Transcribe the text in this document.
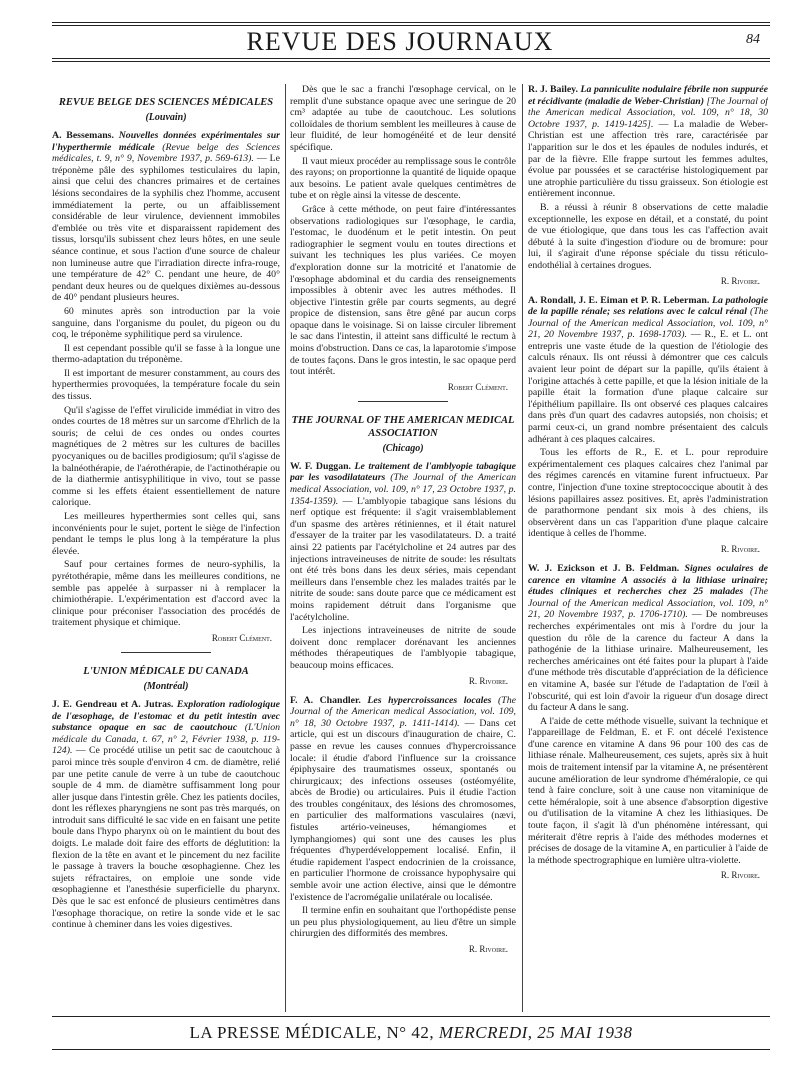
REVUE DES JOURNAUX	84
REVUE BELGE DES SCIENCES MÉDICALES
(Louvain)

A. Bessemans. Nouvelles données expérimentales sur l'hyperthermie médicale (Revue belge des Sciences médicales, t. 9, n° 9, Novembre 1937, p. 569-613). — Le tréponème pâle des syphilomes testiculaires du lapin, ainsi que celui des chancres primaires et de certaines lésions secondaires de la syphilis chez l'homme, accusent immédiatement la perte, ou un affaiblissement considérable de leur virulence, deviennent immobiles d'emblée ou très vite et disparaissent rapidement des tissus, lorsqu'ils subissent chez leurs hôtes, en une seule séance continue, et sous l'action d'une source de chaleur non lumineuse autre que l'irradiation directe infra-rouge, une température de 42° C. pendant une heure, de 40° pendant deux heures ou de quelques dixièmes au-dessous de 40° pendant plusieurs heures.

60 minutes après son introduction par la voie sanguine, dans l'organisme du poulet, du pigeon ou du coq, le tréponème syphilitique perd sa virulence.

Il est cependant possible qu'il se fasse à la longue une thermo-adaptation du tréponème.

Il est important de mesurer constamment, au cours des hyperthermies provoquées, la température focale du sein des tissus.

Qu'il s'agisse de l'effet virulicide immédiat in vitro des ondes courtes de 18 mètres sur un sarcome d'Ehrlich de la souris; de celui de ces ondes ou ondes courtes magnétiques de 2 mètres sur les cultures de bacilles pyocyaniques ou de bacilles prodigiosum; qu'il s'agisse de la balnéothérapie, de l'aérothérapie, de l'actinothérapie ou de la diathermie antisyphilitique in vivo, tout se passe comme si les effets étaient essentiellement de nature calorique.

Les meilleures hyperthermies sont celles qui, sans inconvénients pour le sujet, portent le siège de l'infection pendant le temps le plus long à la température la plus élevée.

Sauf pour certaines formes de neuro-syphilis, la pyrétothérapie, même dans les meilleures conditions, ne semble pas appelée à surpasser ni à remplacer la chimiothérapie. L'expérimentation est d'accord avec la clinique pour préconiser l'association des procédés de traitement physique et chimique.

Robert Clément.
L'UNION MÉDICALE DU CANADA
(Montréal)

J. E. Gendreau et A. Jutras. Exploration radiologique de l'œsophage, de l'estomac et du petit intestin avec substance opaque en sac de caoutchouc (L'Union médicale du Canada, t. 67, n° 2, Février 1938, p. 119-124). — Ce procédé utilise un petit sac de caoutchouc à paroi mince très souple d'environ 4 cm. de diamètre, relié par une petite canule de verre à un tube de caoutchouc souple de 4 mm. de diamètre suffisamment long pour aller jusque dans l'intestin grêle. Chez les patients dociles, dont les réflexes pharyngiens ne sont pas très marqués, on introduit sans difficulté le sac vide en en faisant une petite boule dans l'hypo pharynx où on le maintient du bout des doigts. Le malade doit faire des efforts de déglutition: la flexion de la tête en avant et le pincement du nez facilite le passage à travers la bouche œsophagienne. Chez les sujets réfractaires, on emploie une sonde vide œsophagienne et l'anesthésie superficielle du pharynx. Dès que le sac est enfoncé de plusieurs centimètres dans l'œsophage thoracique, on retire la sonde vide et le sac continue à cheminer dans les voies digestives.

Dès que le sac a franchi l'œsophage cervical, on le remplit d'une substance opaque avec une seringue de 20 cm³ adaptée au tube de caoutchouc. Les solutions colloïdales de thorium semblent les meilleures à cause de leur fluidité, de leur homogénéité et de leur densité spécifique.

Il vaut mieux procéder au remplissage sous le contrôle des rayons; on proportionne la quantité de liquide opaque aux besoins. Le patient avale quelques centimètres de tube et on règle ainsi la vitesse de descente.

Grâce à cette méthode, on peut faire d'intéressantes observations radiologiques sur l'œsophage, le cardia, l'estomac, le duodénum et le petit intestin. On peut radiographier le segment voulu en toutes directions et suivant les techniques les plus variées. Ce moyen d'exploration donne sur la motricité et l'anatomie de l'œsophage abdominal et du cardia des renseignements impossibles à obtenir avec les autres méthodes. Il objective l'intestin grêle par courts segments, au degré propice de distension, sans être gêné par aucun corps opaque dans le voisinage. Si on laisse circuler librement le sac dans l'intestin, il atteint sans difficulté le rectum à moins d'obstruction. Dans ce cas, la laparotomie s'impose de toutes façons. Dans le gros intestin, le sac opaque perd tout intérêt.

Robert Clément.
THE JOURNAL OF THE AMERICAN MEDICAL ASSOCIATION
(Chicago)

W. F. Duggan. Le traitement de l'amblyopie tabagique par les vasodilatateurs (The Journal of the American medical Association, vol. 109, n° 17, 23 Octobre 1937, p. 1354-1359). — L'amblyopie tabagique sans lésions du nerf optique est fréquente: il s'agit vraisemblablement d'un spasme des artères rétiniennes, et il était naturel d'essayer de la traiter par les vasodilatateurs. D. a traité ainsi 22 patients par l'acétylcholine et 24 autres par des injections intraveineuses de nitrite de soude: les résultats ont été très bons dans les deux séries, mais cependant meilleurs dans l'ensemble chez les malades traités par le nitrite de soude: sans doute parce que ce médicament est moins rapidement détruit dans l'organisme que l'acétylcholine.

Les injections intraveineuses de nitrite de soude doivent donc remplacer dorénavant les anciennes méthodes thérapeutiques de l'amblyopie tabagique, beaucoup moins efficaces.

R. Rivoire.

F. A. Chandler. Les hypercroissances locales (The Journal of the American medical Association, vol. 109, n° 18, 30 Octobre 1937, p. 1411-1414). — Dans cet article, qui est un discours d'inauguration de chaire, C. passe en revue les causes connues d'hypercroissance locale: il étudie d'abord l'influence sur la croissance épiphysaire des traumatismes osseux, spontanés ou chirurgicaux; des infections osseuses (ostéomyélite, abcès de Brodie) ou articulaires. Puis il étudie l'action des troubles congénitaux, des lésions des chromosomes, en particulier des malformations vasculaires (nævi, fistules artério-veineuses, hémangiomes et lymphangiomes) qui sont une des causes les plus fréquentes d'hyperdéveloppement localisé. Enfin, il étudie rapidement l'aspect endocrinien de la croissance, en particulier l'hormone de croissance hypophysaire qui semble avoir une action élective, ainsi que le démontre l'existence de l'acromégalie unilatérale ou localisée.

Il termine enfin en souhaitant que l'orthopédiste pense un peu plus physiologiquement, au lieu d'être un simple chirurgien des difformités des membres.

R. Rivoire.

R. J. Bailey. La panniculite nodulaire fébrile non suppurée et récidivante (maladie de Weber-Christian) [The Journal of the American medical Association, vol. 109, n° 18, 30 Octobre 1937, p. 1419-1425]. — La maladie de Weber-Christian est une affection très rare, caractérisée par l'apparition sur le dos et les épaules de nodules indurés, et par de la fièvre. Elle frappe surtout les femmes adultes, évolue par poussées et se caractérise histologiquement par une atrophie particulière du tissu graisseux. Son étiologie est entièrement inconnue.

B. a réussi à réunir 8 observations de cette maladie exceptionnelle, les expose en détail, et a constaté, du point de vue étiologique, que dans tous les cas l'affection avait débuté à la suite d'ingestion d'iodure ou de bromure: pour lui, il s'agirait d'une réponse spéciale du tissu réticulo-endothélial à certaines drogues.

R. Rivoire.

A. Rondall, J. E. Eiman et P. R. Leberman. La pathologie de la papille rénale; ses relations avec le calcul rénal (The Journal of the American medical Association, vol. 109, n° 21, 20 Novembre 1937, p. 1698-1703). — R., E. et L. ont entrepris une vaste étude de la question de l'étiologie des calculs rénaux. Ils ont réussi à démontrer que ces calculs avaient leur point de départ sur la papille, qu'ils étaient à l'origine attachés à cette papille, et que la lésion initiale de la papille était la formation d'une plaque calcaire sur l'épithélium papillaire. Ils ont observé ces plaques calcaires dans près d'un quart des cadavres autopsiés, non choisis; et parmi ceux-ci, un grand nombre présentaient des calculs adhérant à ces plaques calcaires.

Tous les efforts de R., E. et L. pour reproduire expérimentalement ces plaques calcaires chez l'animal par des régimes carencés en vitamine furent infructueux. Par contre, l'injection d'une toxine streptococcique aboutit à des lésions papillaires assez positives. Et, après l'administration de parathormone pendant six mois à des chiens, ils observèrent dans un cas l'apparition d'une plaque calcaire identique à celles de l'homme.

R. Rivoire.

W. J. Ezickson et J. B. Feldman. Signes oculaires de carence en vitamine A associés à la lithiase urinaire; études cliniques et recherches chez 25 malades (The Journal of the American medical Association, vol. 109, n° 21, 20 Novembre 1937, p. 1706-1710). — De nombreuses recherches expérimentales ont mis à l'ordre du jour la question du rôle de la carence du facteur A dans la pathogénie de la lithiase urinaire. Malheureusement, les recherches américaines ont été faites pour la plupart à l'aide d'une méthode très discutable d'appréciation de la déficience en vitamine A, basée sur l'étude de l'adaptation de l'œil à l'obscurité, qui est loin d'avoir la rigueur d'un dosage direct du facteur A dans le sang.

A l'aide de cette méthode visuelle, suivant la technique et l'appareillage de Feldman, E. et F. ont décelé l'existence d'une carence en vitamine A dans 96 pour 100 des cas de lithiase rénale. Malheureusement, ces sujets, après six à huit mois de traitement intensif par la vitamine A, ne présentèrent aucune amélioration de leur syndrome d'héméralopie, ce qui tend à faire conclure, soit à une cause non vitaminique de cette héméralopie, soit à une absence d'absorption digestive ou d'utilisation de la vitamine A chez les lithiasiques. De toute façon, il s'agit là d'un phénomène intéressant, qui mériterait d'être repris à l'aide des méthodes modernes et précises de dosage de la vitamine A, en particulier à l'aide de la méthode spectrographique en lumière ultra-violette.

R. Rivoire.
LA PRESSE MÉDICALE, N° 42, MERCREDI, 25 MAI 1938
